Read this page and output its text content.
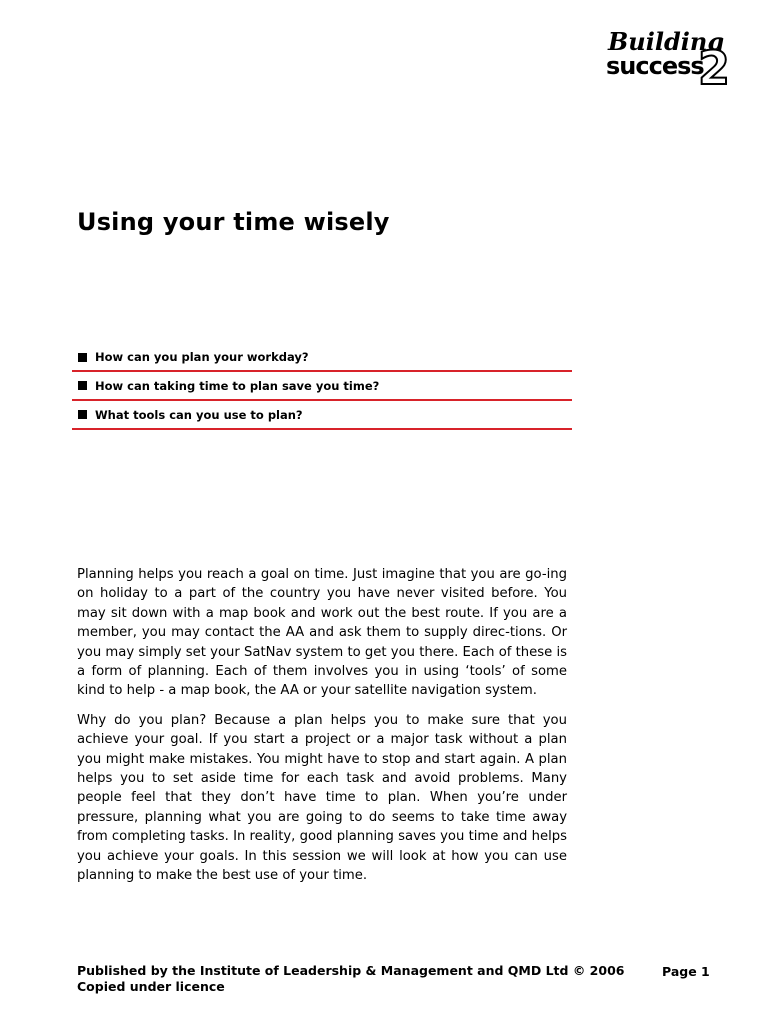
Building
success
2
Using your time wisely
How can you plan your workday?
How can taking time to plan save you time?
What tools can you use to plan?

Planning helps you reach a goal on time. Just imagine that you are go-ing on holiday to a part of the country you have never visited before. You may sit down with a map book and work out the best route. If you are a member, you may contact the AA and ask them to supply direc-tions. Or you may simply set your SatNav system to get you there. Each of these is a form of planning. Each of them involves you in using ‘tools’ of some kind to help - a map book, the AA or your satellite navigation system.

Why do you plan? Because a plan helps you to make sure that you achieve your goal. If you start a project or a major task without a plan you might make mistakes. You might have to stop and start again. A plan helps you to set aside time for each task and avoid problems. Many people feel that they don’t have time to plan. When you’re under pressure, planning what you are going to do seems to take time away from completing tasks. In reality, good planning saves you time and helps you achieve your goals. In this session we will look at how you can use planning to make the best use of your time.

Published by the Institute of Leadership & Management and QMD Ltd © 2006
Copied under licence
Page 1
